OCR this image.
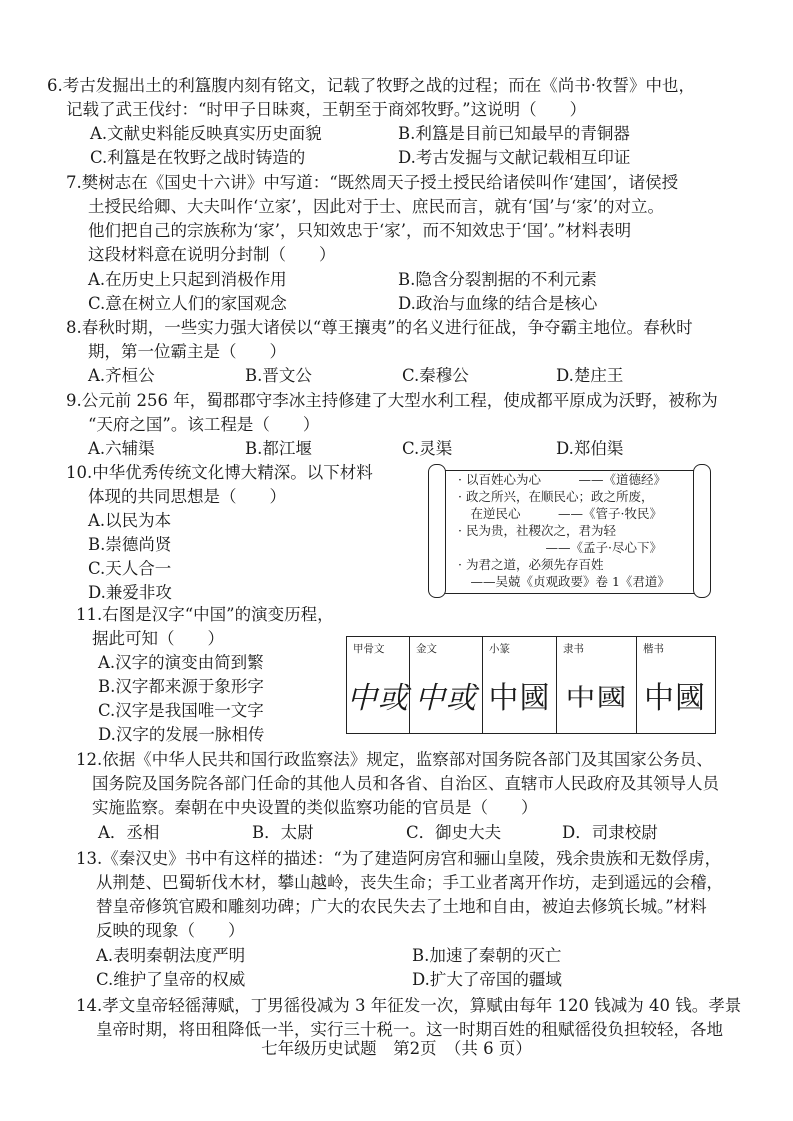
6.考古发掘出土的利簋腹内刻有铭文，记载了牧野之战的过程；而在《尚书·牧誓》中也，
记载了武王伐纣：“时甲子日昧爽，王朝至于商郊牧野。”这说明（　　）
A.文献史料能反映真实历史面貌	B.利簋是目前已知最早的青铜器
C.利簋是在牧野之战时铸造的	D.考古发掘与文献记载相互印证
7.樊树志在《国史十六讲》中写道：“既然周天子授土授民给诸侯叫作‘建国’，诸侯授
土授民给卿、大夫叫作‘立家’，因此对于士、庶民而言，就有‘国’与‘家’的对立。
他们把自己的宗族称为‘家’，只知效忠于‘家’，而不知效忠于‘国’。”材料表明
这段材料意在说明分封制（　　）
A.在历史上只起到消极作用	B.隐含分裂割据的不利元素
C.意在树立人们的家国观念	D.政治与血缘的结合是核心
8.春秋时期，一些实力强大诸侯以“尊王攘夷”的名义进行征战，争夺霸主地位。春秋时
期，第一位霸主是（　　）
A.齐桓公	B.晋文公	C.秦穆公	D.楚庄王
9.公元前 256 年，蜀郡郡守李冰主持修建了大型水利工程，使成都平原成为沃野，被称为
“天府之国”。该工程是（　　）
A.六辅渠	B.都江堰	C.灵渠	D.郑伯渠
10.中华优秀传统文化博大精深。以下材料
体现的共同思想是（　　）
A.以民为本
B.崇德尚贤
C.天人合一
D.兼爱非攻
· 以百姓心为心　　　——《道德经》
· 政之所兴，在顺民心；政之所废，
　在逆民心　　　——《管子·牧民》
· 民为贵，社稷次之，君为轻
　　　　　　　——《孟子·尽心下》
· 为君之道，必须先存百姓
　——吴兢《贞观政要》卷 1《君道》
11.右图是汉字“中国”的演变历程，
据此可知（　　）
A.汉字的演变由简到繁
B.汉字都来源于象形字
C.汉字是我国唯一文字
D.汉字的发展一脉相传
甲骨文
中或
金文
中或
小篆
中國
隶书
中國
楷书
中國
12.依据《中华人民共和国行政监察法》规定，监察部对国务院各部门及其国家公务员、
国务院及国务院各部门任命的其他人员和各省、自治区、直辖市人民政府及其领导人员
实施监察。秦朝在中央设置的类似监察功能的官员是（　　）
A．丞相	B．太尉	C．御史大夫	D．司隶校尉
13.《秦汉史》书中有这样的描述：“为了建造阿房宫和骊山皇陵，残余贵族和无数俘虏，
从荆楚、巴蜀斩伐木材，攀山越岭，丧失生命；手工业者离开作坊，走到遥远的会稽，
替皇帝修筑官殿和雕刻功碑；广大的农民失去了土地和自由，被迫去修筑长城。”材料
反映的现象（　　）
A.表明秦朝法度严明	B.加速了秦朝的灭亡
C.维护了皇帝的权威	D.扩大了帝国的疆域
14.孝文皇帝轻徭薄赋，丁男徭役减为 3 年征发一次，算赋由每年 120 钱减为 40 钱。孝景
皇帝时期，将田租降低一半，实行三十税一。这一时期百姓的租赋徭役负担较轻，各地
七年级历史试题　第2页　（共 6 页）
